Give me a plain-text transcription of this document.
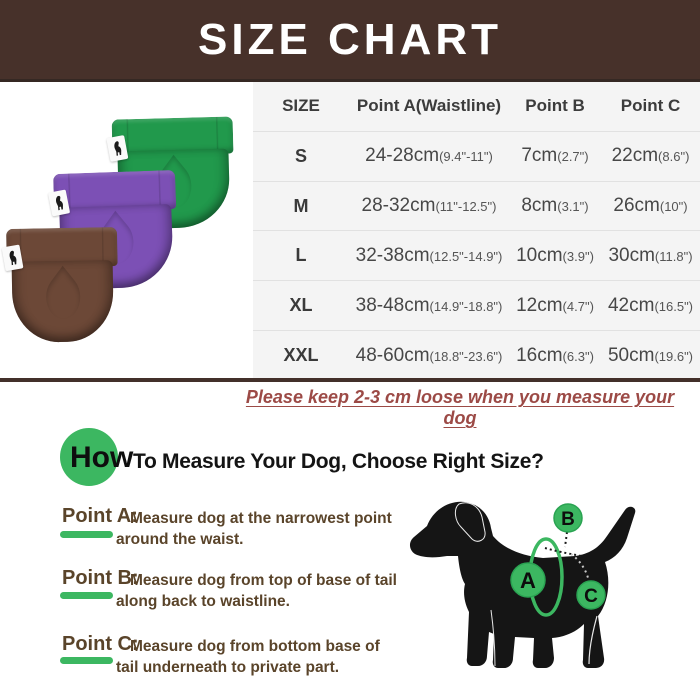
SIZE CHART
SIZE	Point A(Waistline)	Point B	Point C
S	24-28cm(9.4"-11")	7cm(2.7")	22cm(8.6")
M	28-32cm(11"-12.5")	8cm(3.1")	26cm(10")
L	32-38cm(12.5"-14.9") 10cm(3.9") 30cm(11.8")
XL	38-48cm(14.9"-18.8") 12cm(4.7") 42cm(16.5")
XXL	48-60cm(18.8"-23.6") 16cm(6.3") 50cm(19.6")
Please keep 2-3 cm loose when you measure your dog
How To Measure Your Dog, Choose Right Size?
Point A:
Measure dog at the narrowest point around the waist.
Point B:
Measure dog from top of base of tail along back to waistline.
Point C:
Measure dog from bottom base of tail underneath to private part.
A
B
C
